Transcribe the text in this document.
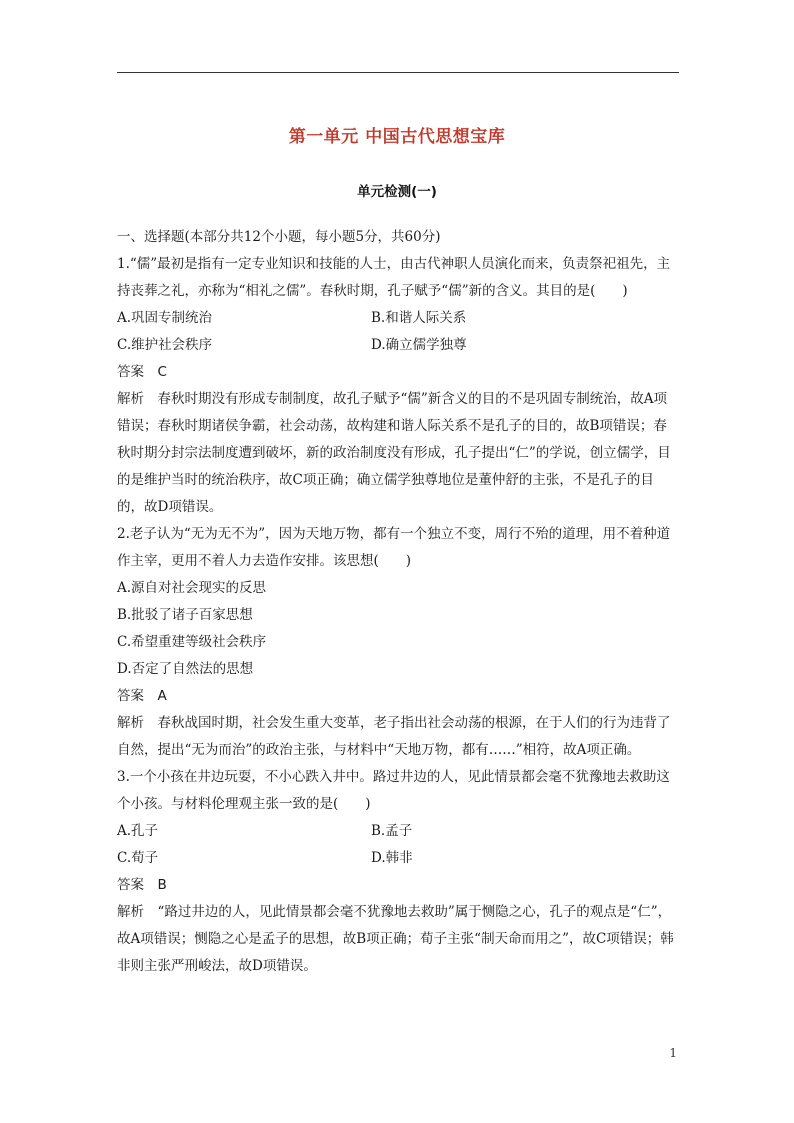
第一单元 中国古代思想宝库
单元检测(一)

一、选择题(本部分共12个小题，每小题5分，共60分)

1.“儒”最初是指有一定专业知识和技能的人士，由古代神职人员演化而来，负责祭祀祖先，主持丧葬之礼，亦称为“相礼之儒”。春秋时期，孔子赋予“儒”新的含义。其目的是(　　)

A.巩固专制统治	B.和谐人际关系
C.维护社会秩序	D.确立儒学独尊

答案　C

解析　春秋时期没有形成专制制度，故孔子赋予“儒”新含义的目的不是巩固专制统治，故A项错误；春秋时期诸侯争霸，社会动荡，故构建和谐人际关系不是孔子的目的，故B项错误；春秋时期分封宗法制度遭到破坏，新的政治制度没有形成，孔子提出“仁”的学说，创立儒学，目的是维护当时的统治秩序，故C项正确；确立儒学独尊地位是董仲舒的主张，不是孔子的目的，故D项错误。

2.老子认为“无为无不为”，因为天地万物，都有一个独立不变，周行不殆的道理，用不着种道作主宰，更用不着人力去造作安排。该思想(　　)

A.源自对社会现实的反思

B.批驳了诸子百家思想

C.希望重建等级社会秩序

D.否定了自然法的思想

答案　A

解析　春秋战国时期，社会发生重大变革，老子指出社会动荡的根源，在于人们的行为违背了自然，提出“无为而治”的政治主张，与材料中“天地万物，都有……”相符，故A项正确。

3.一个小孩在井边玩耍，不小心跌入井中。路过井边的人，见此情景都会毫不犹豫地去救助这个小孩。与材料伦理观主张一致的是(　　)

A.孔子	B.孟子
C.荀子	D.韩非

答案　B

解析　“路过井边的人，见此情景都会毫不犹豫地去救助”属于恻隐之心，孔子的观点是“仁”，故A项错误；恻隐之心是孟子的思想，故B项正确；荀子主张“制天命而用之”，故C项错误；韩非则主张严刑峻法，故D项错误。

1
